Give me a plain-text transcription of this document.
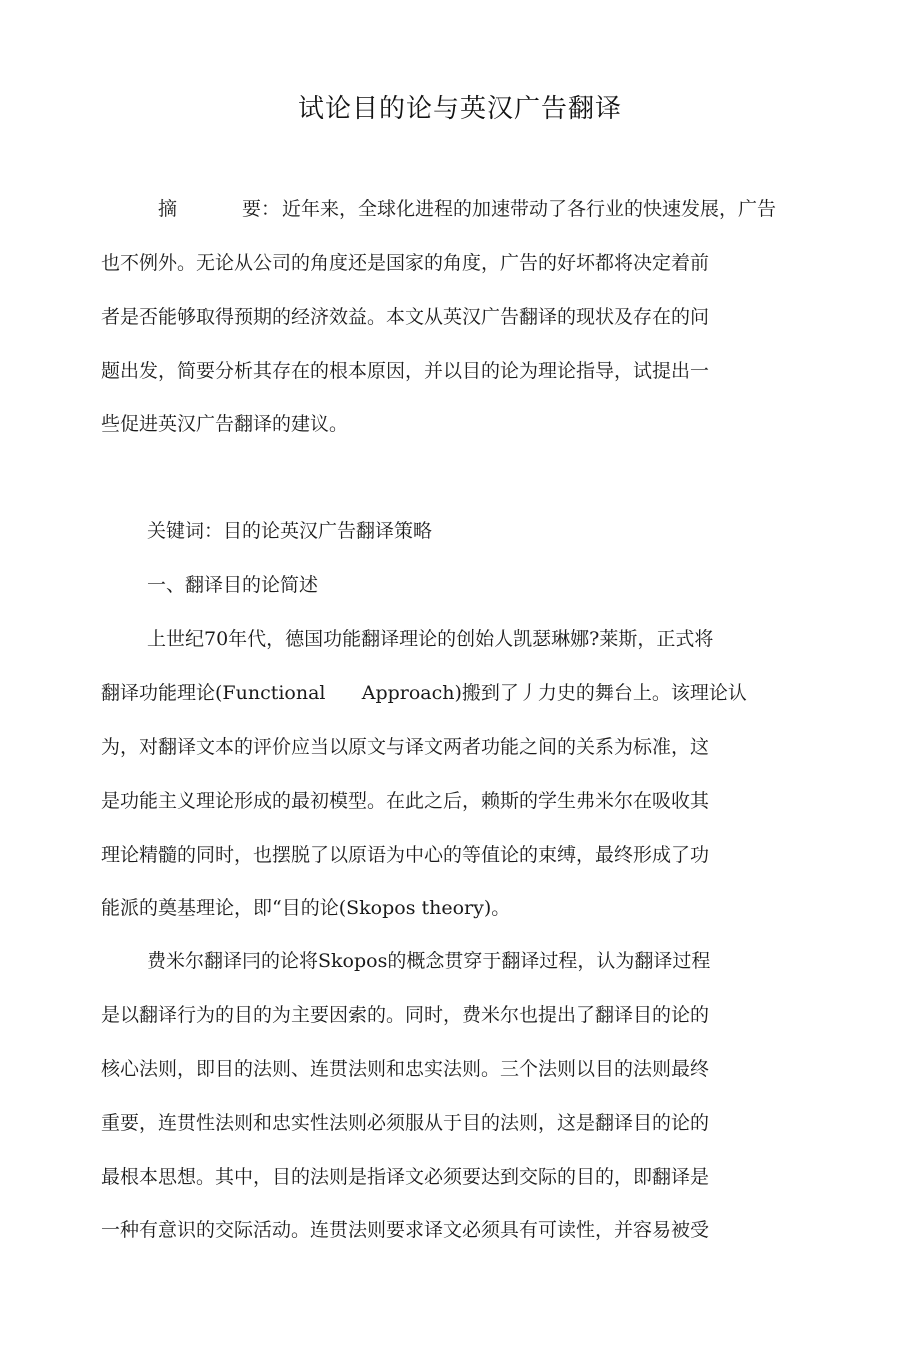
试论目的论与英汉广告翻译
摘	要： 近年来，全球化进程的加速带动了各行业的快速发展，广告
也不例外。无论从公司的角度还是国家的角度，广告的好坏都将决定着前
者是否能够取得预期的经济效益。本文从英汉广告翻译的现状及存在的问
题出发，简要分析其存在的根本原因，并以目的论为理论指导，试提出一
些促进英汉广告翻译的建议。
关键词：目的论英汉广告翻译策略
一、翻译目的论简述
上世纪70年代，德国功能翻译理论的创始人凯瑟琳娜?莱斯，正式将
翻译功能理论(Functional      Approach)搬到了丿力史的舞台上。该理论认
为，对翻译文本的评价应当以原文与译文两者功能之间的关系为标准，这
是功能主义理论形成的最初模型。在此之后，赖斯的学生弗米尔在吸收其
理论精髓的同时，也摆脱了以原语为中心的等值论的束缚，最终形成了功
能派的奠基理论，即“目的论(Skopos theory)。
费米尔翻译冃的论将Skopos的概念贯穿于翻译过程，认为翻译过程
是以翻译行为的目的为主要因索的。同时，费米尔也提出了翻译目的论的
核心法则，即目的法则、连贯法则和忠实法则。三个法则以目的法则最终
重要，连贯性法则和忠实性法则必须服从于目的法则，这是翻译目的论的
最根本思想。其中，目的法则是指译文必须要达到交际的目的，即翻译是
一种有意识的交际活动。连贯法则要求译文必须具有可读性，并容易被受
